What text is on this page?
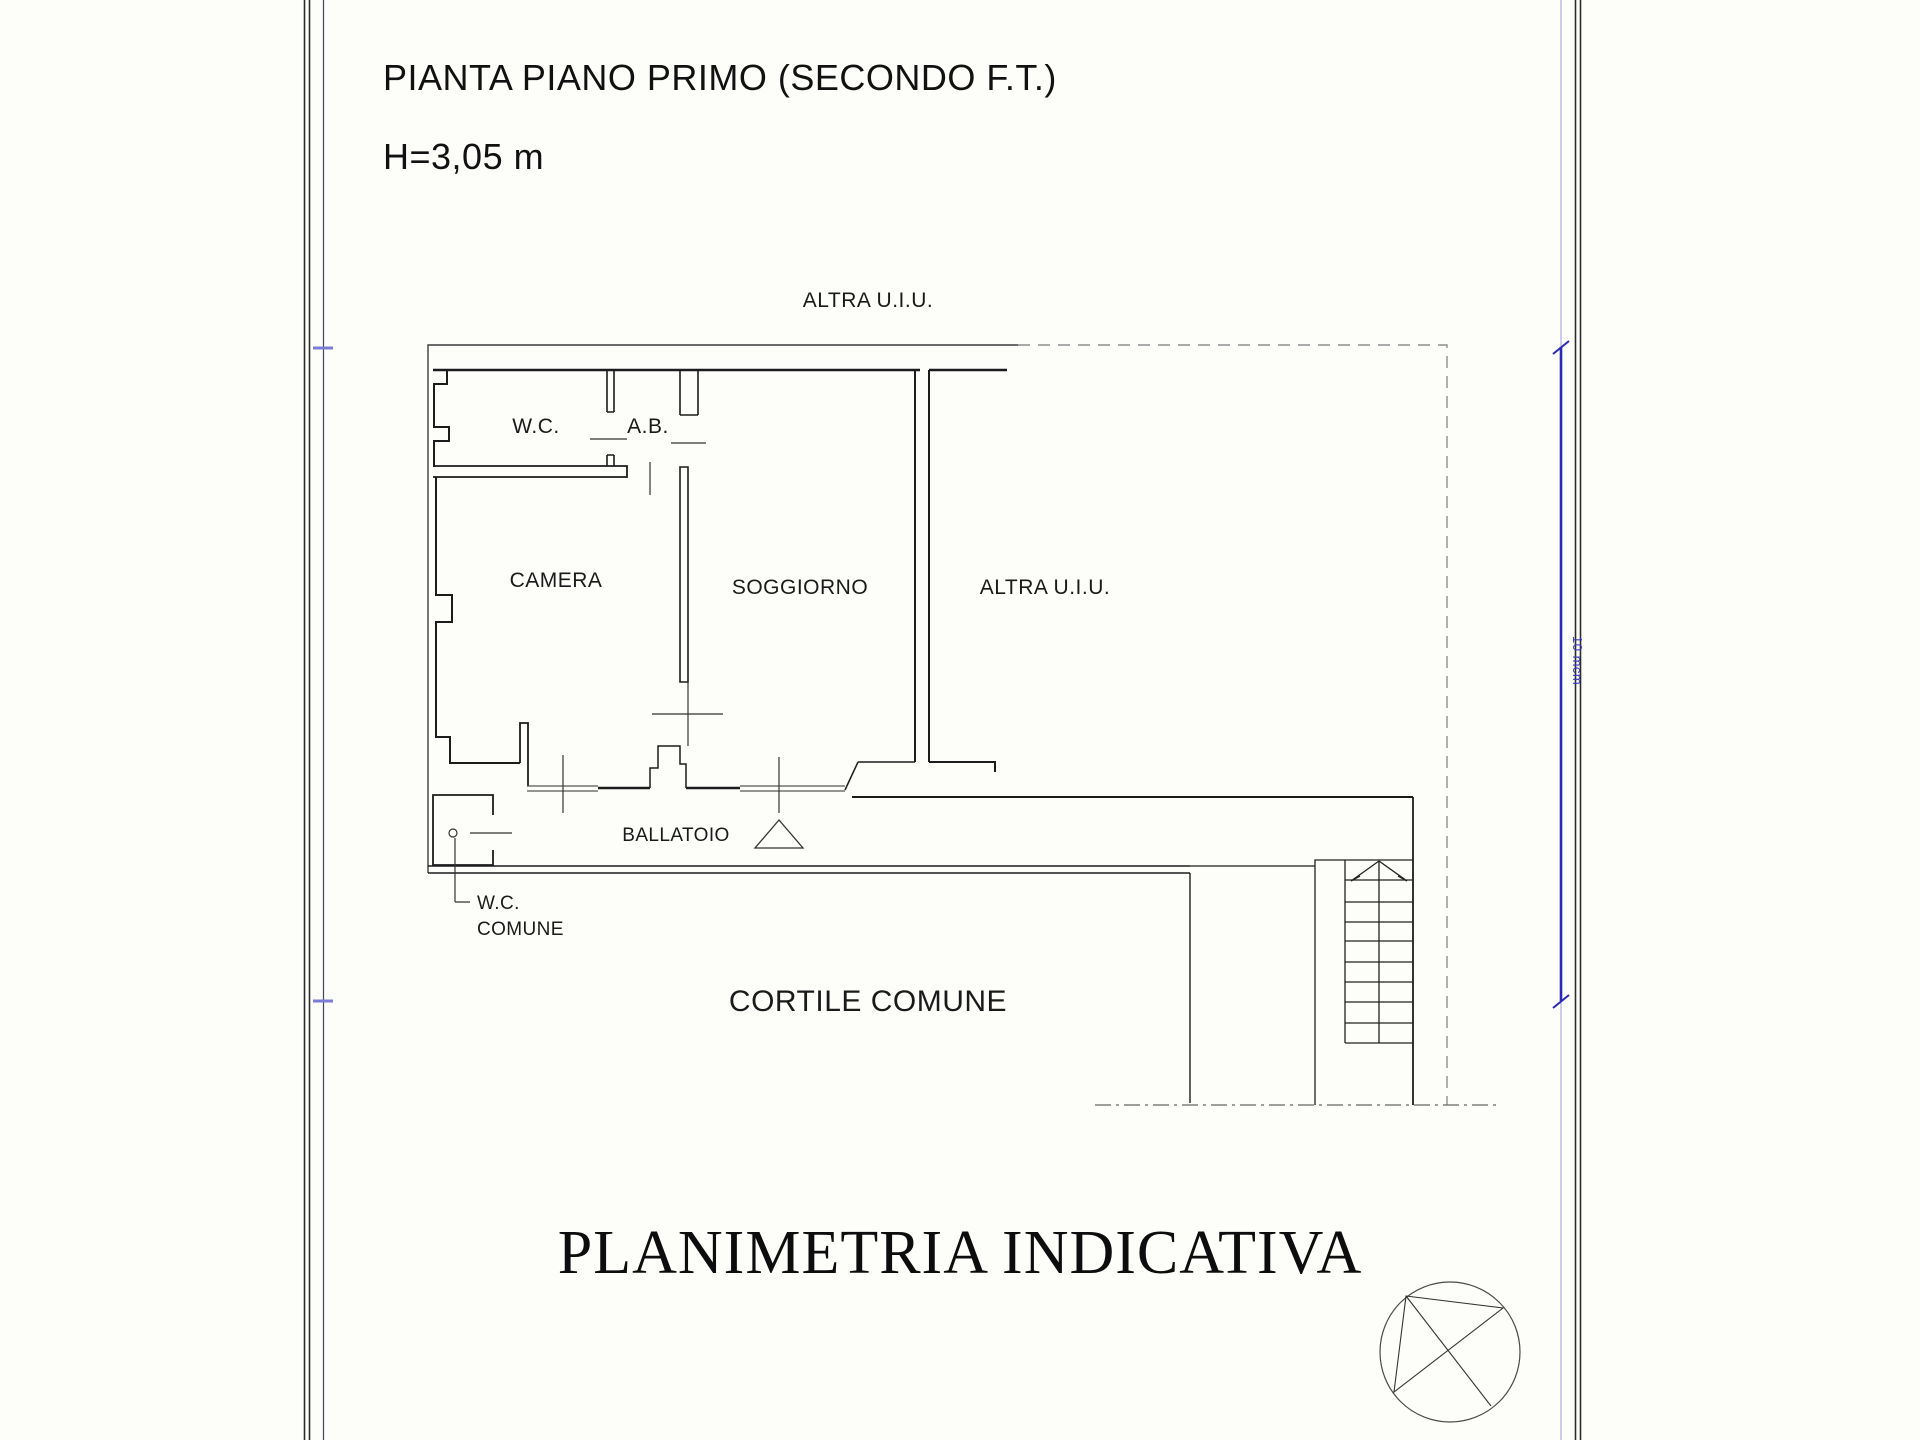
PIANTA PIANO PRIMO (SECONDO F.T.)
H=3,05 m
ALTRA U.I.U.
W.C.	A.B.
CAMERA	SOGGIORNO	ALTRA U.I.U.
BALLATOIO
W.C.
COMUNE
CORTILE COMUNE
PLANIMETRIA INDICATIVA
10 mcm
